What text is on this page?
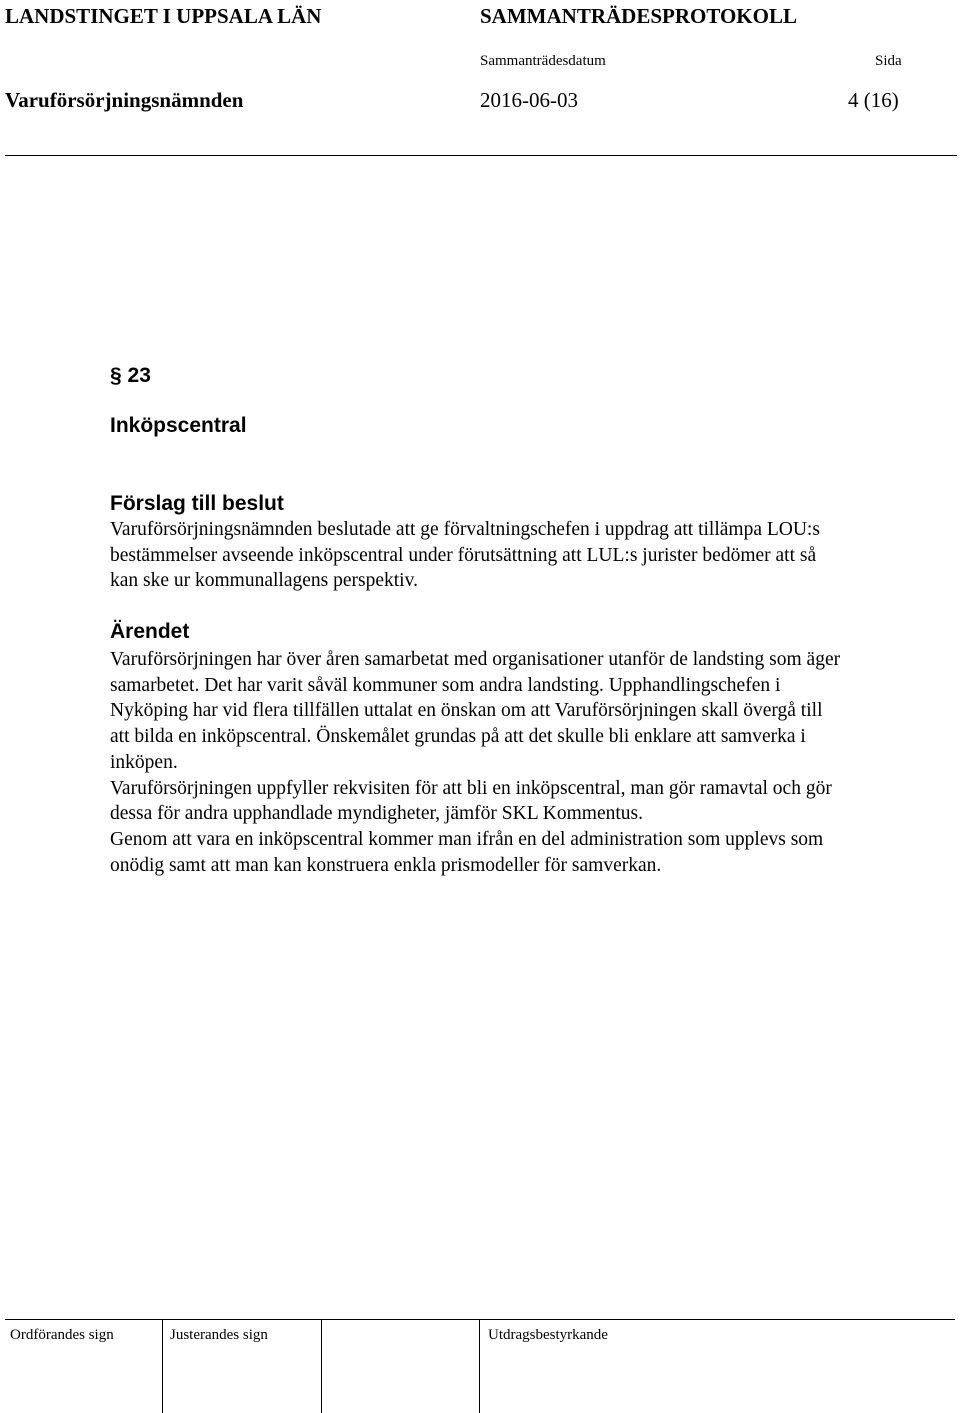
LANDSTINGET I UPPSALA LÄN	SAMMANTRÄDESPROTOKOLL
Sammanträdesdatum	Sida
Varuförsörjningsnämnden	2016-06-03	4 (16)
§ 23
Inköpscentral
Förslag till beslut

Varuförsörjningsnämnden beslutade att ge förvaltningschefen i uppdrag att tillämpa LOU:s
bestämmelser avseende inköpscentral under förutsättning att LUL:s jurister bedömer att så
kan ske ur kommunallagens perspektiv.

Ärendet

Varuförsörjningen har över åren samarbetat med organisationer utanför de landsting som äger
samarbetet. Det har varit såväl kommuner som andra landsting. Upphandlingschefen i
Nyköping har vid flera tillfällen uttalat en önskan om att Varuförsörjningen skall övergå till
att bilda en inköpscentral. Önskemålet grundas på att det skulle bli enklare att samverka i
inköpen.
Varuförsörjningen uppfyller rekvisiten för att bli en inköpscentral, man gör ramavtal och gör
dessa för andra upphandlade myndigheter, jämför SKL Kommentus.
Genom att vara en inköpscentral kommer man ifrån en del administration som upplevs som
onödig samt att man kan konstruera enkla prismodeller för samverkan.

Ordförandes sign	Justerandes sign	Utdragsbestyrkande
